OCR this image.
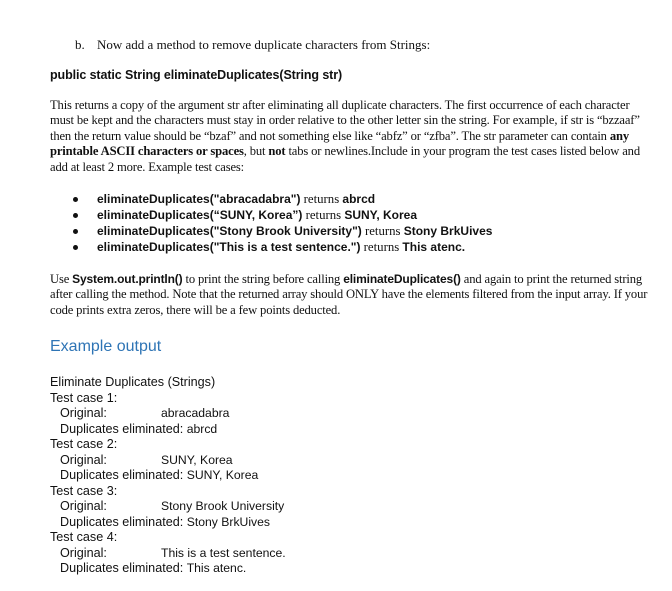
b. Now add a method to remove duplicate characters from Strings:
public static String eliminateDuplicates(String str)
This returns a copy of the argument str after eliminating all duplicate characters. The first occurrence of each character must be kept and the characters must stay in order relative to the other letter sin the string. For example, if str is “bzzaaf” then the return value should be “bzaf” and not something else like “abfz” or “zfba”. The str parameter can contain any printable ASCII characters or spaces, but not tabs or newlines.Include in your program the test cases listed below and add at least 2 more. Example test cases:
eliminateDuplicates("abracadabra") returns abrcd
eliminateDuplicates(“SUNY, Korea”) returns SUNY, Korea
eliminateDuplicates("Stony Brook University") returns Stony BrkUives
eliminateDuplicates("This is a test sentence.") returns This atenc.
Use System.out.println() to print the string before calling eliminateDuplicates() and again to print the returned string after calling the method. Note that the returned array should ONLY have the elements filtered from the input array. If your code prints extra zeros, there will be a few points deducted.
Example output
Eliminate Duplicates (Strings)
Test case 1:
Original:	abracadabra
Duplicates eliminated: abrcd
Test case 2:
Original:	SUNY, Korea
Duplicates eliminated: SUNY, Korea
Test case 3:
Original:	Stony Brook University
Duplicates eliminated: Stony BrkUives
Test case 4:
Original:	This is a test sentence.
Duplicates eliminated: This atenc.
